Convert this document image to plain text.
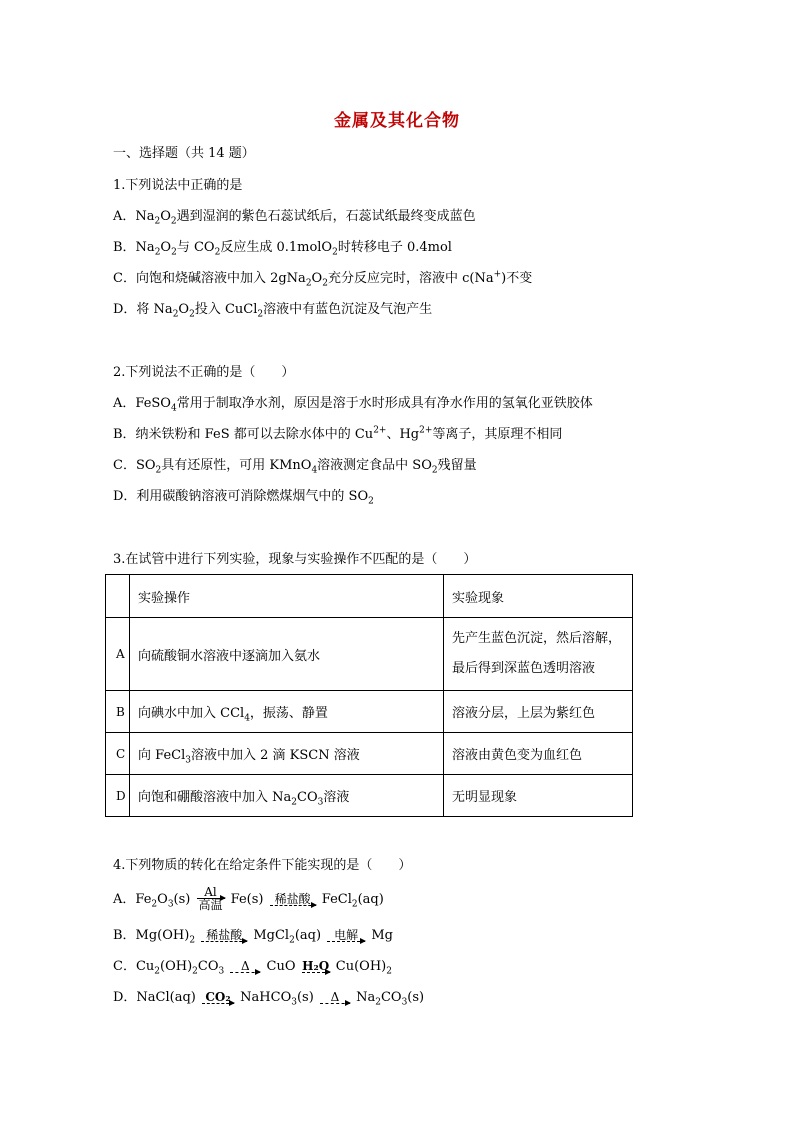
金属及其化合物
一、选择题（共 14 题）
1.下列说法中正确的是
A．$Na_2O_2$遇到湿润的紫色石蕊试纸后，石蕊试纸最终变成蓝色
B．$Na_2O_2$与 $CO_2$反应生成 0.1molO$_2$时转移电子 0.4mol
C．向饱和烧碱溶液中加入 $2gNa_2O_2$充分反应完时，溶液中 c(Na+)不变
D．将 $Na_2O_2$投入 CuCl$_2$溶液中有蓝色沉淀及气泡产生
2.下列说法不正确的是（　　）
A．FeSO$_4$常用于制取净水剂，原因是溶于水时形成具有净水作用的氢氧化亚铁胶体
B．纳米铁粉和 FeS 都可以去除水体中的 $Cu^{2+}$、$Hg^{2+}$等离子，其原理不相同
C．$SO_2$具有还原性，可用 KMnO$_4$溶液测定食品中 $SO_2$残留量
D．利用碳酸钠溶液可消除燃煤烟气中的 $SO_2$
3.在试管中进行下列实验，现象与实验操作不匹配的是（　　）
	实验操作	实验现象
A	向硫酸铜水溶液中逐滴加入氨水	先产生蓝色沉淀，然后溶解，
最后得到深蓝色透明溶液
B	向碘水中加入 CCl$_4$，振荡、静置	溶液分层，上层为紫红色
C	向 FeCl$_3$溶液中加入 2 滴 KSCN 溶液	溶液由黄色变为血红色
D	向饱和硼酸溶液中加入 $Na_2CO_3$溶液	无明显现象
4.下列物质的转化在给定条件下能实现的是（　　）
A．$Fe_2O_3(s)$	Al
高温 Fe(s) 稀盐酸 FeCl$_2$(aq)
B．$Mg(OH)_2$ 稀盐酸 MgCl$_2$(aq)	电解	Mg
C．$Cu_2(OH)_2CO_3$	Δ	CuO H₂O $Cu(OH)_2$
D．NaCl(aq) CO₂ NaHCO$_3$(s)	Δ	$Na_2CO_3(s)$
